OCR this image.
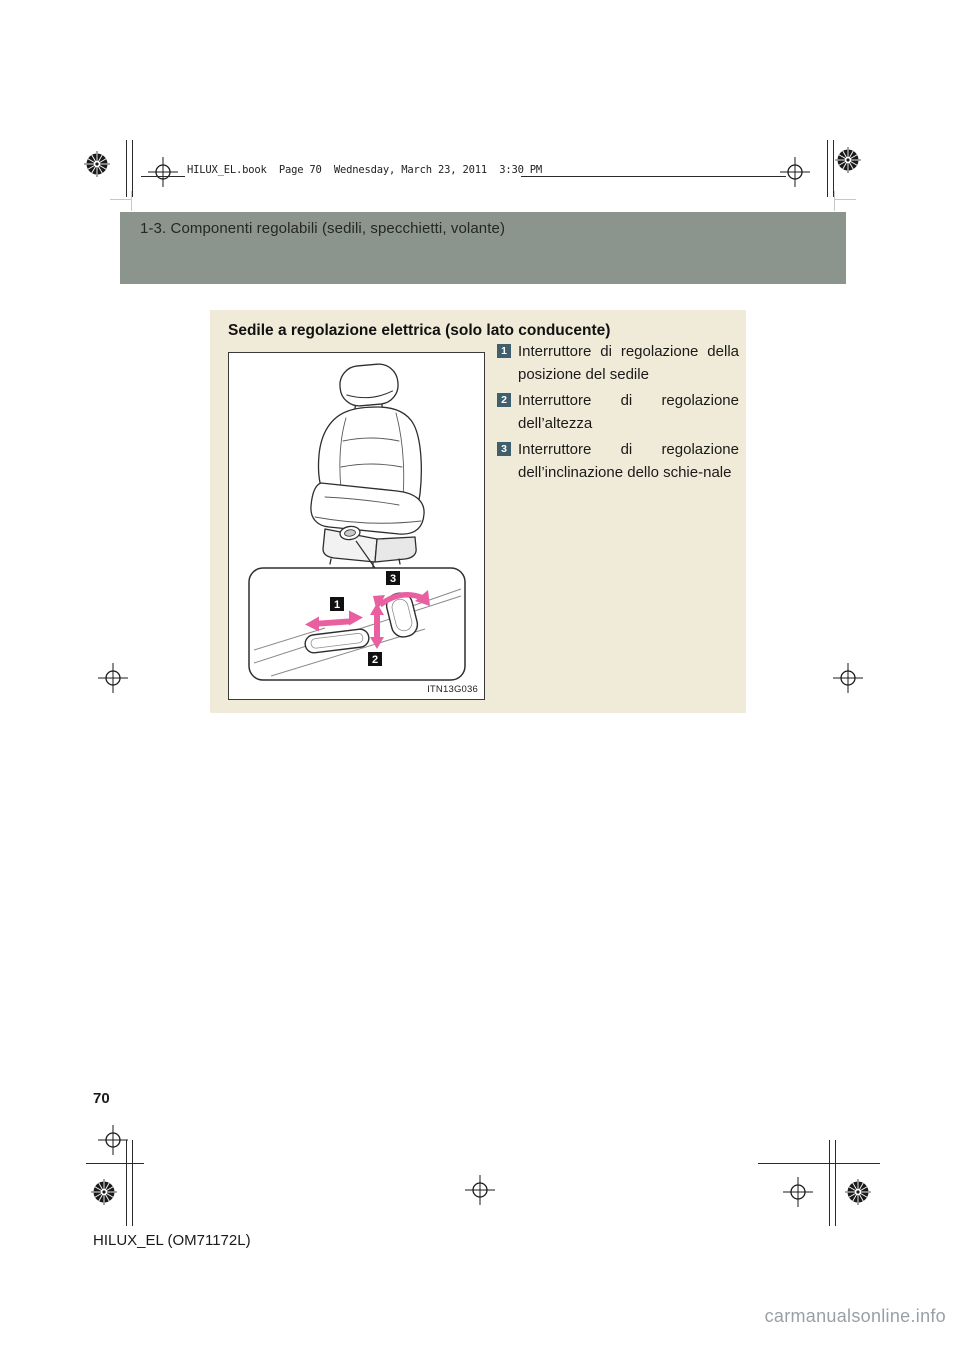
HILUX_EL.book  Page 70  Wednesday, March 23, 2011  3:30 PM
1-3. Componenti regolabili (sedili, specchietti, volante)
Sedile a regolazione elettrica (solo lato conducente)
3
1
2
ITN13G036
1 Interruttore di regolazione della posizione del sedile
2 Interruttore di regolazione dell’altezza
3 Interruttore di regolazione dell’inclinazione dello schie-nale
70
HILUX_EL (OM71172L)
carmanualsonline.info
